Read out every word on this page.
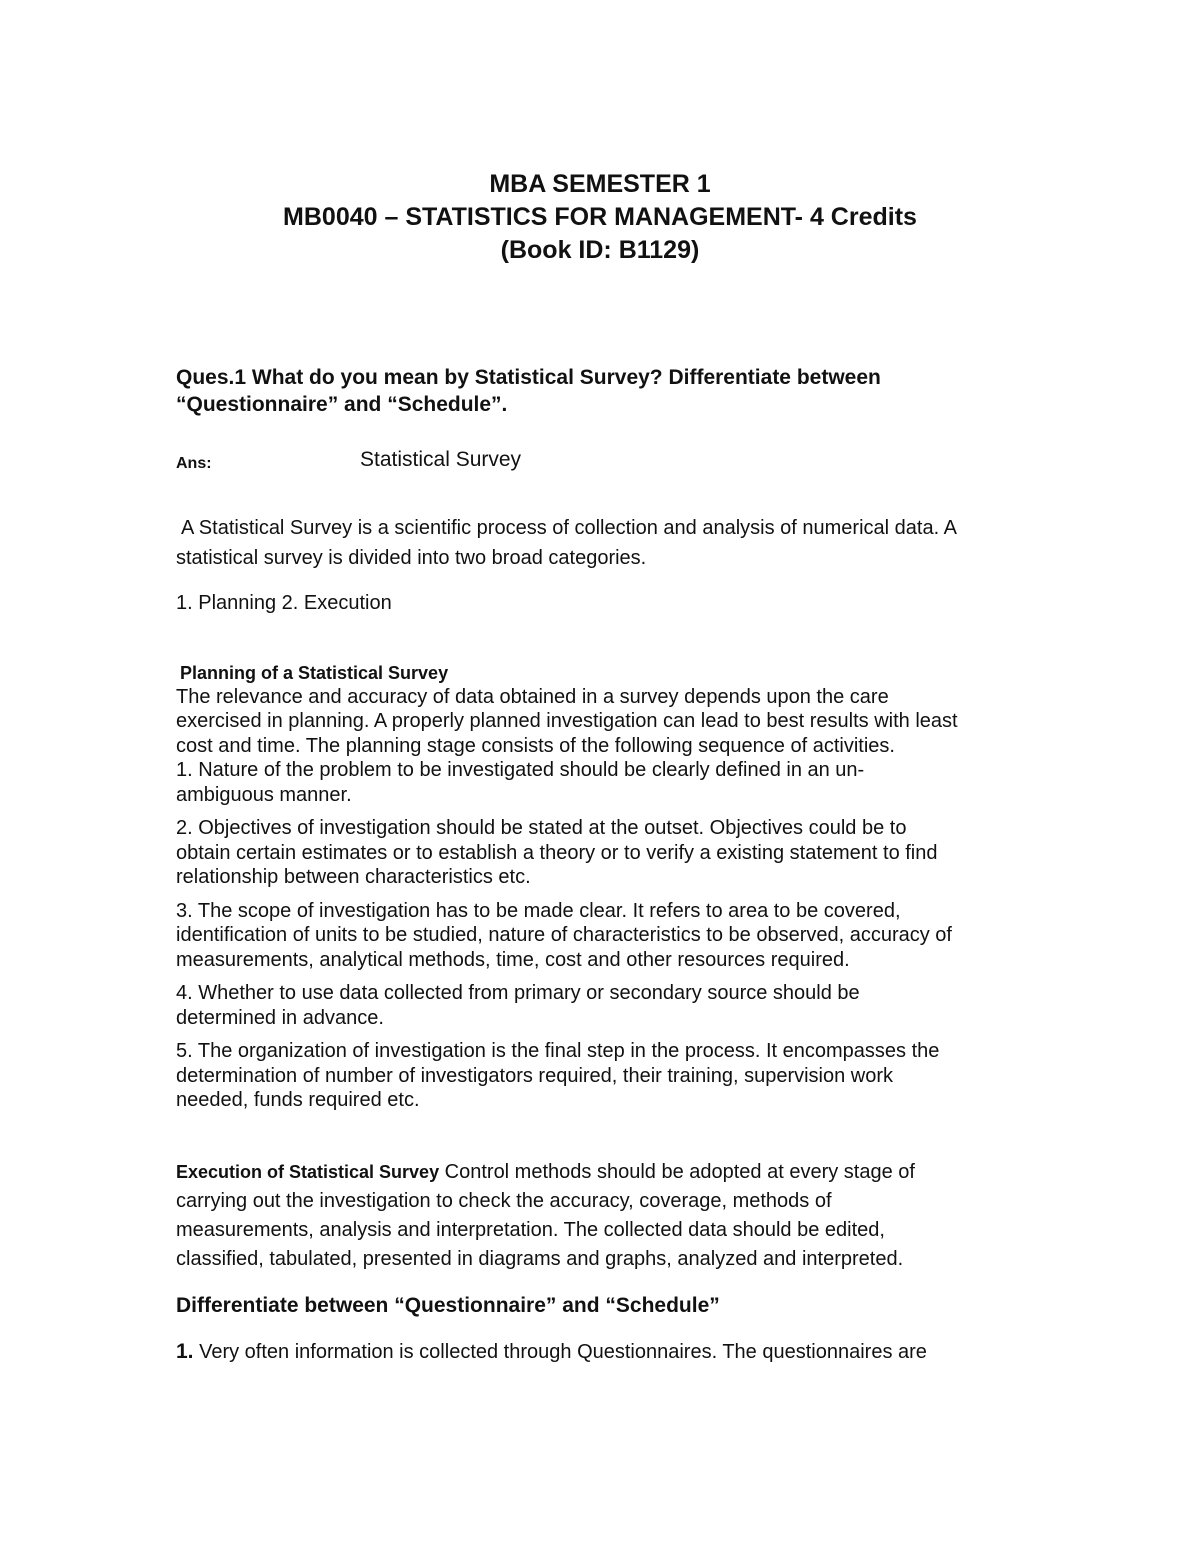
MBA SEMESTER 1
MB0040 – STATISTICS FOR MANAGEMENT- 4 Credits
(Book ID: B1129)
Ques.1 What do you mean by Statistical Survey? Differentiate between
“Questionnaire” and “Schedule”.
Ans:	Statistical Survey
A Statistical Survey is a scientific process of collection and analysis of numerical data. A
statistical survey is divided into two broad categories.
1. Planning 2. Execution
Planning of a Statistical Survey
The relevance and accuracy of data obtained in a survey depends upon the care
exercised in planning. A properly planned investigation can lead to best results with least
cost and time. The planning stage consists of the following sequence of activities.
1. Nature of the problem to be investigated should be clearly defined in an un-
ambiguous manner.
2. Objectives of investigation should be stated at the outset. Objectives could be to
obtain certain estimates or to establish a theory or to verify a existing statement to find
relationship between characteristics etc.
3. The scope of investigation has to be made clear. It refers to area to be covered,
identification of units to be studied, nature of characteristics to be observed, accuracy of
measurements, analytical methods, time, cost and other resources required.
4. Whether to use data collected from primary or secondary source should be
determined in advance.
5. The organization of investigation is the final step in the process. It encompasses the
determination of number of investigators required, their training, supervision work
needed, funds required etc.
Execution of Statistical Survey Control methods should be adopted at every stage of
carrying out the investigation to check the accuracy, coverage, methods of
measurements, analysis and interpretation. The collected data should be edited,
classified, tabulated, presented in diagrams and graphs, analyzed and interpreted.
Differentiate between “Questionnaire” and “Schedule”
1. Very often information is collected through Questionnaires. The questionnaires are
